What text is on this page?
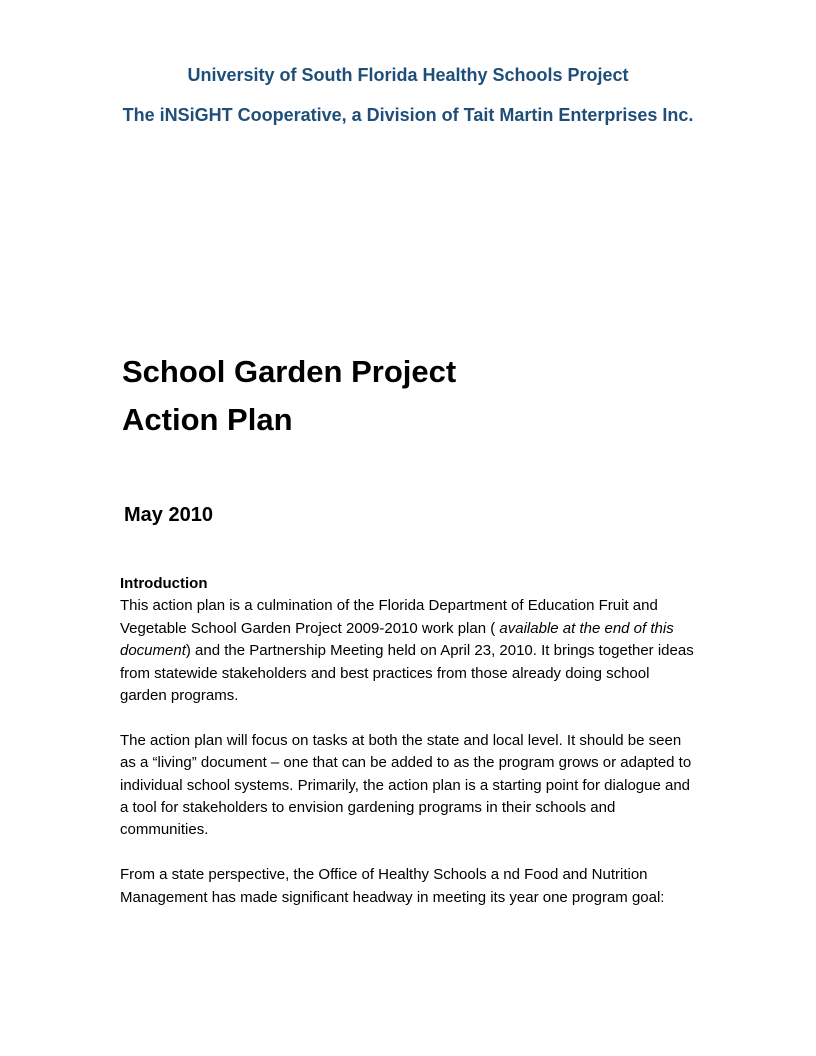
University of South Florida Healthy Schools Project
The iNSiGHT Cooperative, a Division of Tait Martin Enterprises Inc.
School Garden Project
Action Plan
May 2010
Introduction

This action plan is a culmination of the Florida Department of Education Fruit and Vegetable School Garden Project 2009-2010 work plan ( available at the end of this document) and the Partnership Meeting held on April 23, 2010. It brings together ideas from statewide stakeholders and best practices from those already doing school garden programs.

The action plan will focus on tasks at both the state and local level. It should be seen as a “living” document – one that can be added to as the program grows or adapted to individual school systems. Primarily, the action plan is a starting point for dialogue and a tool for stakeholders to envision gardening programs in their schools and communities.

From a state perspective, the Office of Healthy Schools a nd Food and Nutrition Management has made significant headway in meeting its year one program goal:
